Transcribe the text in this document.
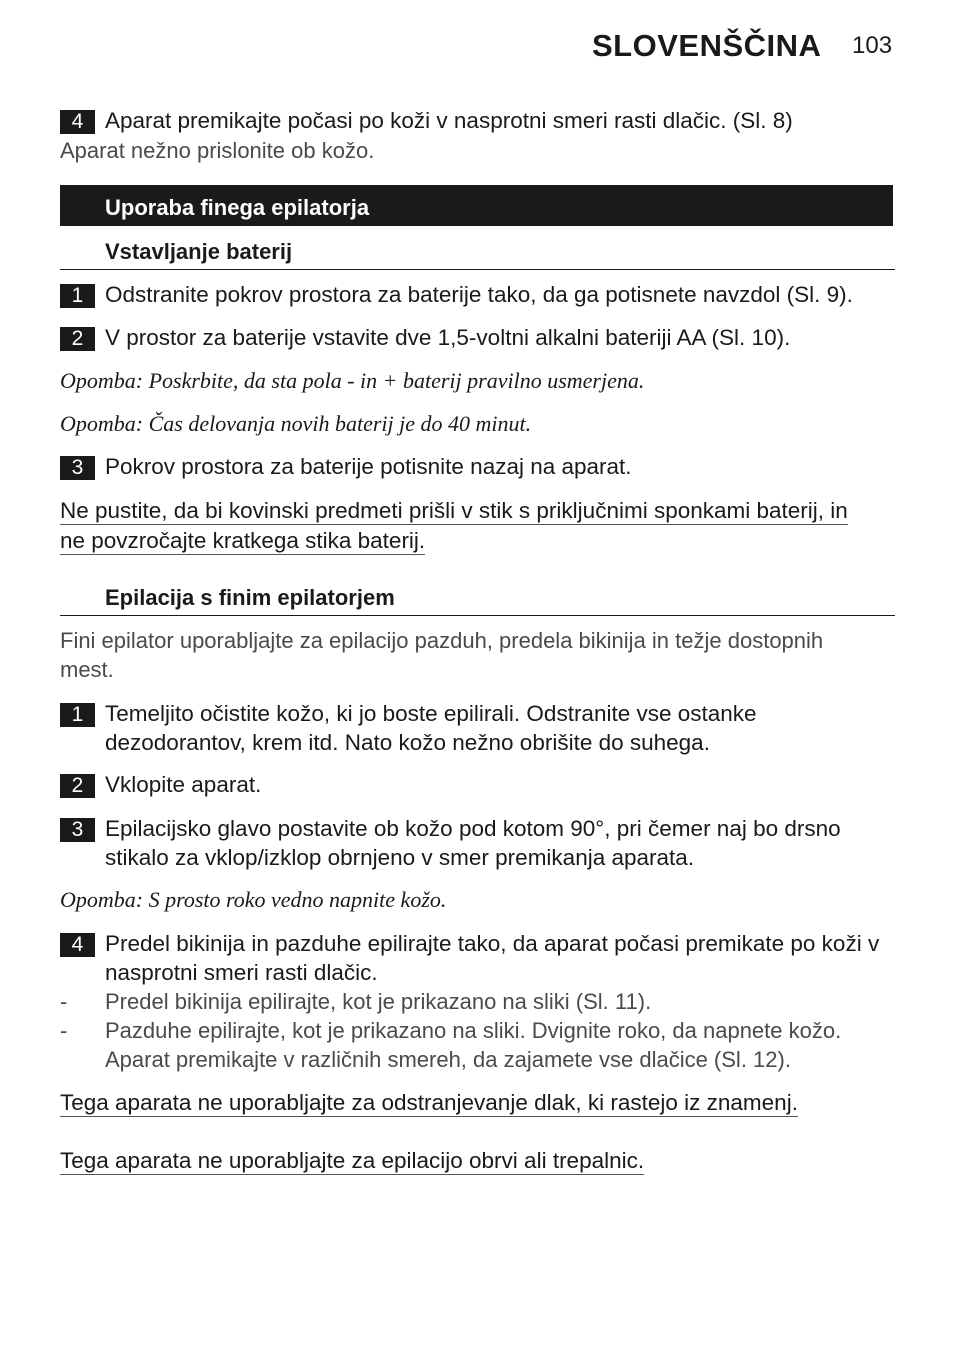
SLOVENŠČINA 103
4 Aparat premikajte počasi po koži v nasprotni smeri rasti dlačic. (Sl. 8)
Aparat nežno prislonite ob kožo.
Uporaba finega epilatorja
Vstavljanje baterij
1 Odstranite pokrov prostora za baterije tako, da ga potisnete navzdol (Sl. 9).
2 V prostor za baterije vstavite dve 1,5-voltni alkalni bateriji AA (Sl. 10).
Opomba: Poskrbite, da sta pola - in + baterij pravilno usmerjena.
Opomba: Čas delovanja novih baterij je do 40 minut.
3 Pokrov prostora za baterije potisnite nazaj na aparat.
Ne pustite, da bi kovinski predmeti prišli v stik s priključnimi sponkami baterij, in
ne povzročajte kratkega stika baterij.
Epilacija s finim epilatorjem
Fini epilator uporabljajte za epilacijo pazduh, predela bikinija in težje dostopnih mest.
1 Temeljito očistite kožo, ki jo boste epilirali. Odstranite vse ostanke dezodorantov, krem itd. Nato kožo nežno obrišite do suhega.
2 Vklopite aparat.
3 Epilacijsko glavo postavite ob kožo pod kotom 90°, pri čemer naj bo drsno stikalo za vklop/izklop obrnjeno v smer premikanja aparata.
Opomba: S prosto roko vedno napnite kožo.
4 Predel bikinija in pazduhe epilirajte tako, da aparat počasi premikate po koži v nasprotni smeri rasti dlačic.
- Predel bikinija epilirajte, kot je prikazano na sliki (Sl. 11).
- Pazduhe epilirajte, kot je prikazano na sliki. Dvignite roko, da napnete kožo. Aparat premikajte v različnih smereh, da zajamete vse dlačice (Sl. 12).
Tega aparata ne uporabljajte za odstranjevanje dlak, ki rastejo iz znamenj.
Tega aparata ne uporabljajte za epilacijo obrvi ali trepalnic.
